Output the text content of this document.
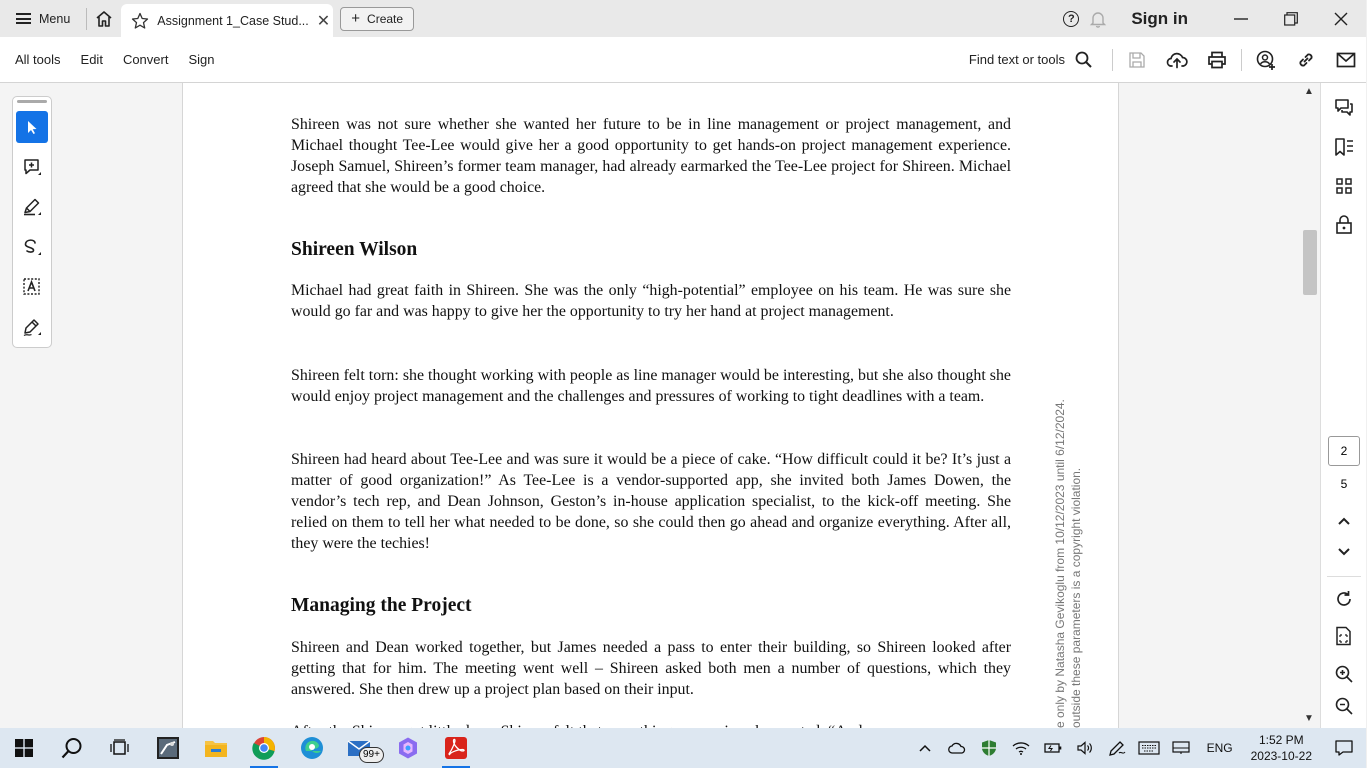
Menu	Assignment 1_Case Stud... ✕ + Create	?	Sign in
All tools	Edit	Convert	Sign	Find text or tools

Shireen was not sure whether she wanted her future to be in line management or project management, and Michael thought Tee-Lee would give her a good opportunity to get hands-on project management experience. Joseph Samuel, Shireen’s former team manager, had already earmarked the Tee-Lee project for Shireen. Michael agreed that she would be a good choice.

Shireen Wilson

Michael had great faith in Shireen. She was the only “high-potential” employee on his team. He was sure she would go far and was happy to give her the opportunity to try her hand at project management.

Shireen felt torn: she thought working with people as line manager would be interesting, but she also thought she would enjoy project management and the challenges and pressures of working to tight deadlines with a team.

Shireen had heard about Tee-Lee and was sure it would be a piece of cake. “How difficult could it be? It’s just a matter of good organization!” As Tee-Lee is a vendor-supported app, she invited both James Dowen, the vendor’s tech rep, and Dean Johnson, Geston’s in-house application specialist, to the kick-off meeting. She relied on them to tell her what needed to be done, so she could then go ahead and organize everything. After all, they were the techies!

Managing the Project

Shireen and Dean worked together, but James needed a pass to enter their building, so Shireen looked after getting that for him. The meeting went well – Shireen asked both men a number of questions, which they answered. She then drew up a project plan based on their input.	e only by Natasha Gevikoglu from 10/12/2023 until 6/12/2024. outside these parameters is a copyright violation.
▲
▼
2
5
99+	ENG
1:52 PM
2023-10-22
